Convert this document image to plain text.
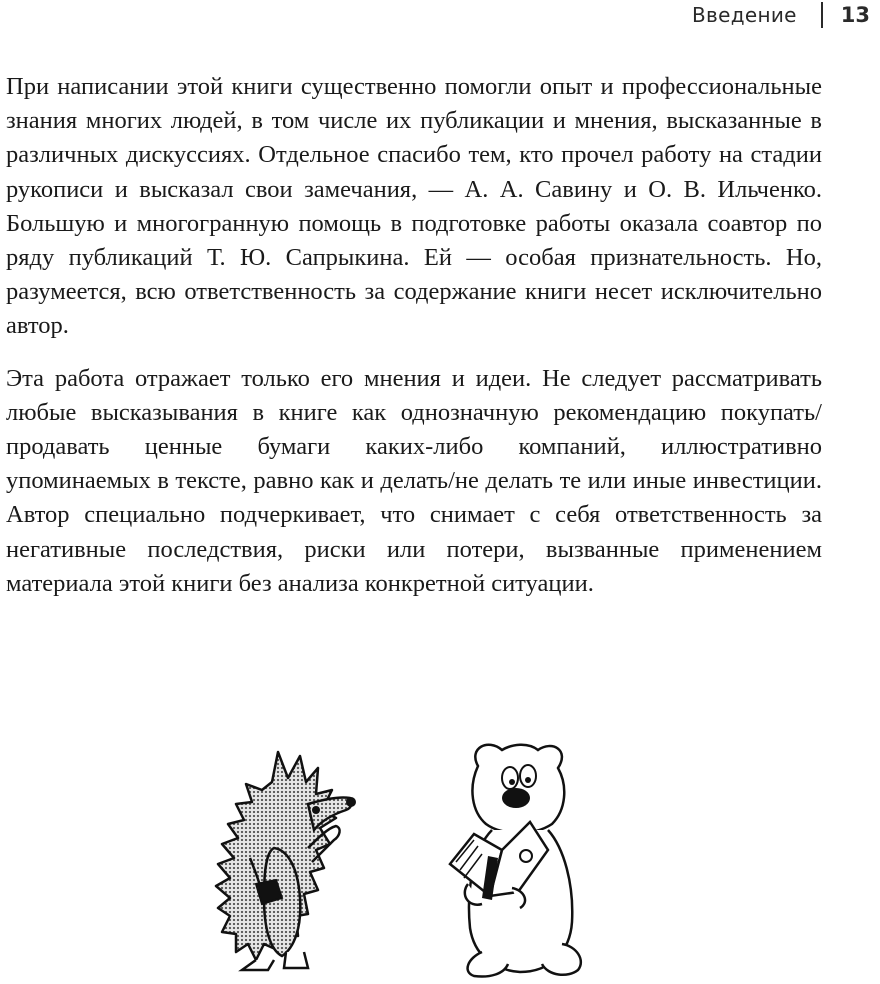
Введение 13

При написании этой книги существенно помогли опыт и профессиональные знания многих людей, в том числе их публикации и мнения, высказанные в различных дискуссиях. Отдельное спасибо тем, кто прочел работу на стадии рукописи и высказал свои замечания, — А. А. Савину и О. В. Ильченко. Большую и многогранную помощь в подготовке работы оказала соавтор по ряду публикаций Т. Ю. Сапрыкина. Ей — особая признательность. Но, разумеется, всю ответственность за содержание книги несет исключительно автор.

Эта работа отражает только его мнения и идеи. Не следует рассматривать любые высказывания в книге как однозначную рекомендацию покупать/продавать ценные бумаги каких-либо компаний, иллюстративно упоминаемых в тексте, равно как и делать/не делать те или иные инвестиции. Автор специально подчеркивает, что снимает с себя ответственность за негативные последствия, риски или потери, вызванные применением материала этой книги без анализа конкретной ситуации.
